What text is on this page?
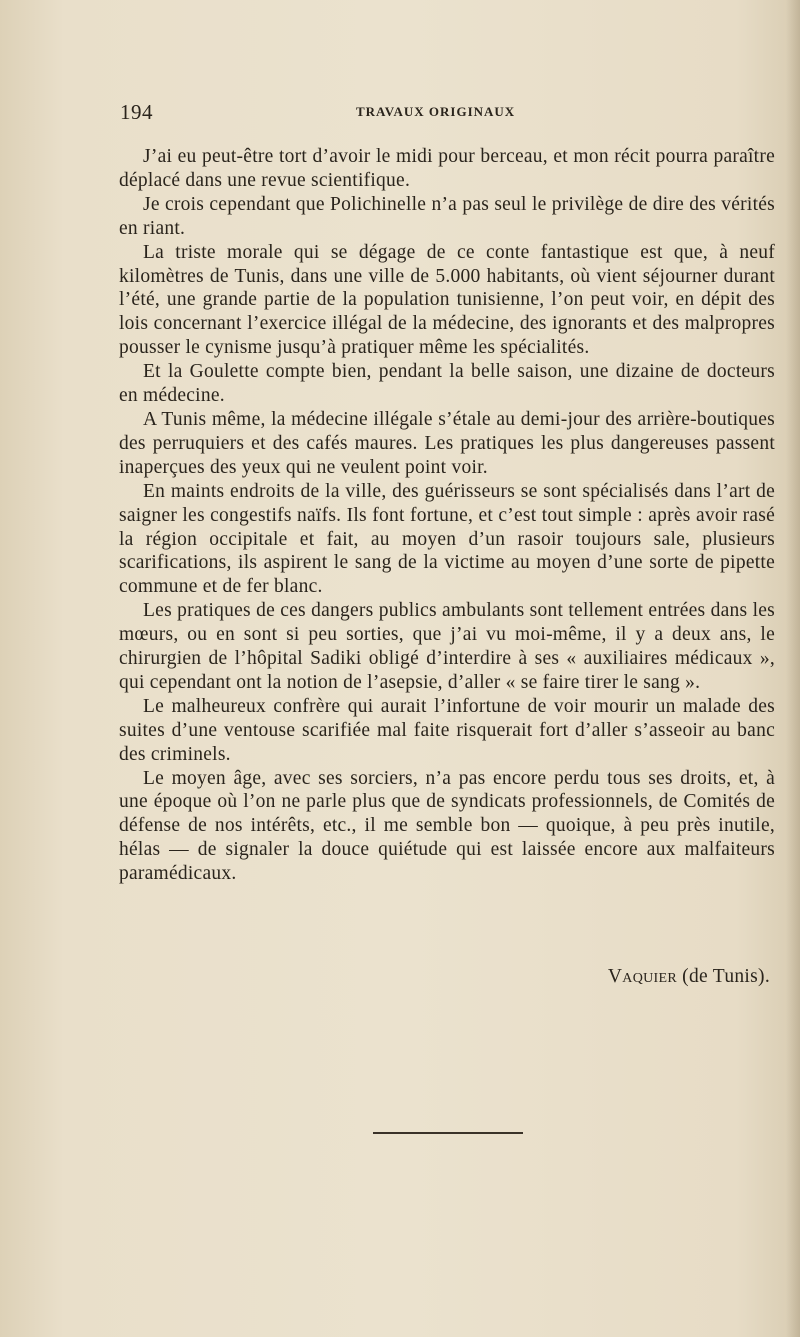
194	TRAVAUX ORIGINAUX

J’ai eu peut-être tort d’avoir le midi pour berceau, et mon récit pourra paraître déplacé dans une revue scientifique.

Je crois cependant que Polichinelle n’a pas seul le privilège de dire des vérités en riant.

La triste morale qui se dégage de ce conte fantastique est que, à neuf kilomètres de Tunis, dans une ville de 5.000 habitants, où vient séjourner durant l’été, une grande partie de la population tunisienne, l’on peut voir, en dépit des lois concernant l’exercice illégal de la médecine, des ignorants et des malpropres pousser le cynisme jusqu’à pratiquer même les spécialités.

Et la Goulette compte bien, pendant la belle saison, une dizaine de docteurs en médecine.

A Tunis même, la médecine illégale s’étale au demi-jour des arrière-boutiques des perruquiers et des cafés maures. Les pratiques les plus dangereuses passent inaperçues des yeux qui ne veulent point voir.

En maints endroits de la ville, des guérisseurs se sont spécialisés dans l’art de saigner les congestifs naïfs. Ils font fortune, et c’est tout simple : après avoir rasé la région occipitale et fait, au moyen d’un rasoir toujours sale, plusieurs scarifications, ils aspirent le sang de la victime au moyen d’une sorte de pipette commune et de fer blanc.

Les pratiques de ces dangers publics ambulants sont tellement entrées dans les mœurs, ou en sont si peu sorties, que j’ai vu moi-même, il y a deux ans, le chirurgien de l’hôpital Sadiki obligé d’interdire à ses « auxiliaires médicaux », qui cependant ont la notion de l’asepsie, d’aller « se faire tirer le sang ».

Le malheureux confrère qui aurait l’infortune de voir mourir un malade des suites d’une ventouse scarifiée mal faite risquerait fort d’aller s’asseoir au banc des criminels.

Le moyen âge, avec ses sorciers, n’a pas encore perdu tous ses droits, et, à une époque où l’on ne parle plus que de syndicats professionnels, de Comités de défense de nos intérêts, etc., il me semble bon — quoique, à peu près inutile, hélas — de signaler la douce quiétude qui est laissée encore aux malfaiteurs paramédicaux.

Vaquier (de Tunis).
